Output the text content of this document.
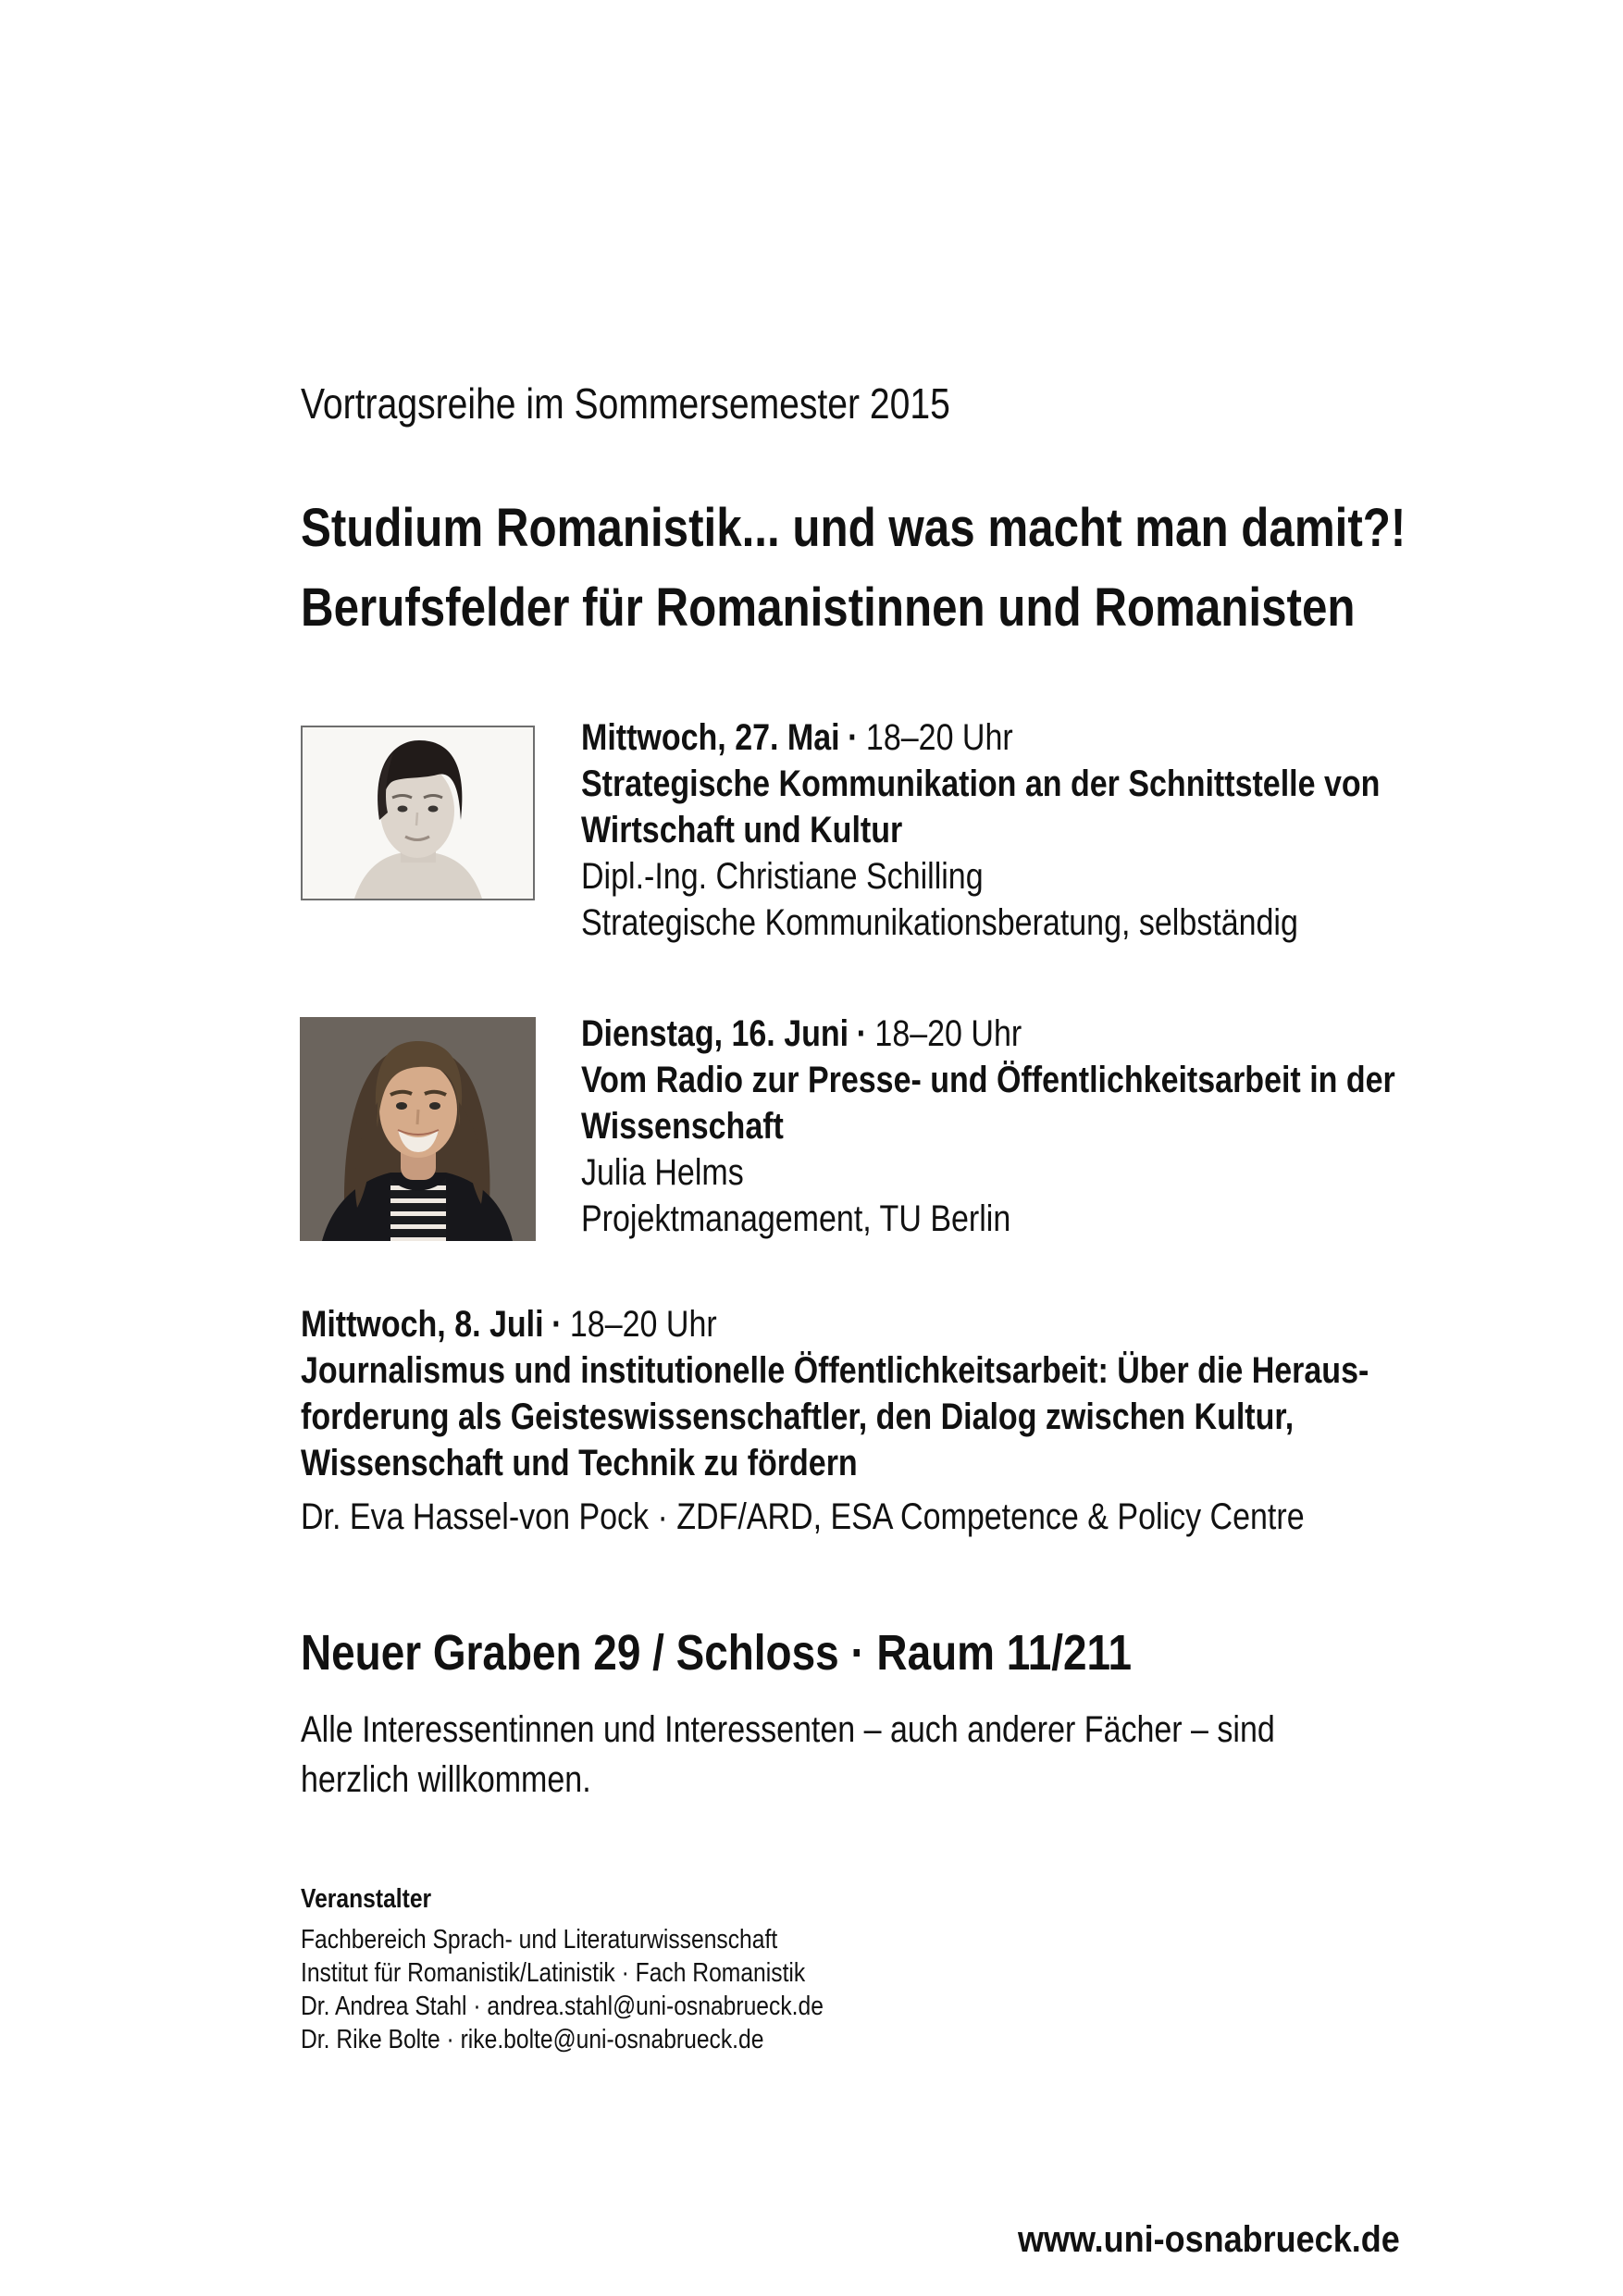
Vortragsreihe im Sommersemester 2015
Studium Romanistik... und was macht man damit?!
Berufsfelder für Romanistinnen und Romanisten
Mittwoch, 27. Mai · 18–20 Uhr
Strategische Kommunikation an der Schnittstelle von
Wirtschaft und Kultur
Dipl.-Ing. Christiane Schilling
Strategische Kommunikationsberatung, selbständig
Dienstag, 16. Juni · 18–20 Uhr
Vom Radio zur Presse- und Öffentlichkeitsarbeit in der
Wissenschaft
Julia Helms
Projektmanagement, TU Berlin
Mittwoch, 8. Juli · 18–20 Uhr
Journalismus und institutionelle Öffentlichkeitsarbeit: Über die Heraus-
forderung als Geisteswissenschaftler, den Dialog zwischen Kultur,
Wissenschaft und Technik zu fördern
Dr. Eva Hassel-von Pock · ZDF/ARD, ESA Competence & Policy Centre
Neuer Graben 29 / Schloss · Raum 11/211
Alle Interessentinnen und Interessenten – auch anderer Fächer – sind
herzlich willkommen.
Veranstalter
Fachbereich Sprach- und Literaturwissenschaft
Institut für Romanistik/Latinistik · Fach Romanistik
Dr. Andrea Stahl · andrea.stahl@uni-osnabrueck.de
Dr. Rike Bolte · rike.bolte@uni-osnabrueck.de
www.uni-osnabrueck.de
